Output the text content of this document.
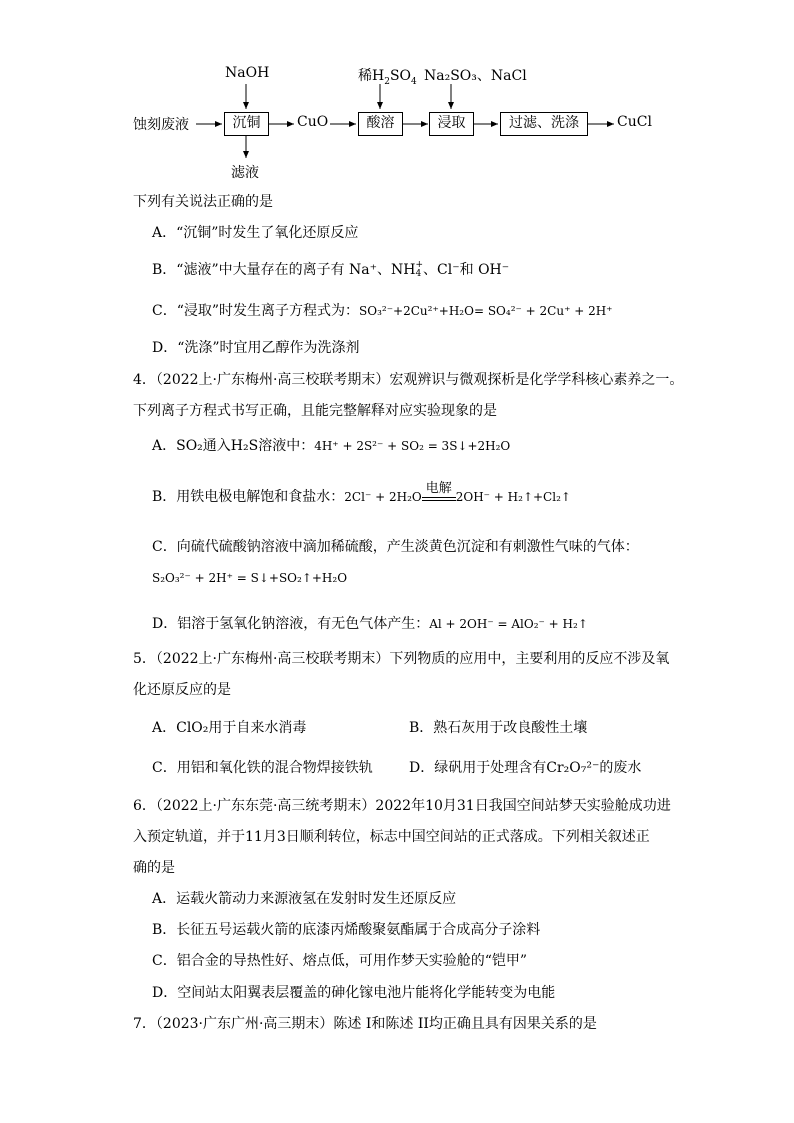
蚀刻废液
NaOH
沉铜
滤液
CuO
稀$H_2SO_4$ Na₂SO₃、NaCl
酸溶	浸取	过滤、洗涤	CuCl
下列有关说法正确的是
A．“沉铜”时发生了氧化还原反应
B．“滤液”中大量存在的离子有 Na⁺、NH +
4 、Cl⁻和 OH⁻
C．“浸取”时发生离子方程式为：SO₃²⁻+2Cu²⁺+H₂O= SO₄²⁻ + 2Cu⁺ + 2H⁺
D．“洗涤”时宜用乙醇作为洗涤剂
4．（2022上·广东梅州·高三校联考期末）宏观辨识与微观探析是化学学科核心素养之一。
下列离子方程式书写正确，且能完整解释对应实验现象的是
A．SO₂通入H₂S溶液中：4H⁺ + 2S²⁻ + SO₂ = 3S↓+2H₂O
B．用铁电极电解饱和食盐水：2Cl⁻ + 2H₂O
电解
2OH⁻ + H₂↑+Cl₂↑
C．向硫代硫酸钠溶液中滴加稀硫酸，产生淡黄色沉淀和有刺激性气味的气体：
S₂O₃²⁻ + 2H⁺ = S↓+SO₂↑+H₂O
D．铝溶于氢氧化钠溶液，有无色气体产生：Al + 2OH⁻ = AlO₂⁻ + H₂↑
5．（2022上·广东梅州·高三校联考期末）下列物质的应用中，主要利用的反应不涉及氧
化还原反应的是
A．ClO₂用于自来水消毒	B．熟石灰用于改良酸性土壤
C．用铝和氧化铁的混合物焊接铁轨	D．绿矾用于处理含有Cr₂O₇²⁻的废水
6．（2022上·广东东莞·高三统考期末）2022年10月31日我国空间站梦天实验舱成功进
入预定轨道，并于11月3日顺利转位，标志中国空间站的正式落成。下列相关叙述正
确的是
A．运载火箭动力来源液氢在发射时发生还原反应
B．长征五号运载火箭的底漆丙烯酸聚氨酯属于合成高分子涂料
C．铝合金的导热性好、熔点低，可用作梦天实验舱的“铠甲”
D．空间站太阳翼表层覆盖的砷化镓电池片能将化学能转变为电能
7．（2023·广东广州·高三期末）陈述 I和陈述 II均正确且具有因果关系的是
